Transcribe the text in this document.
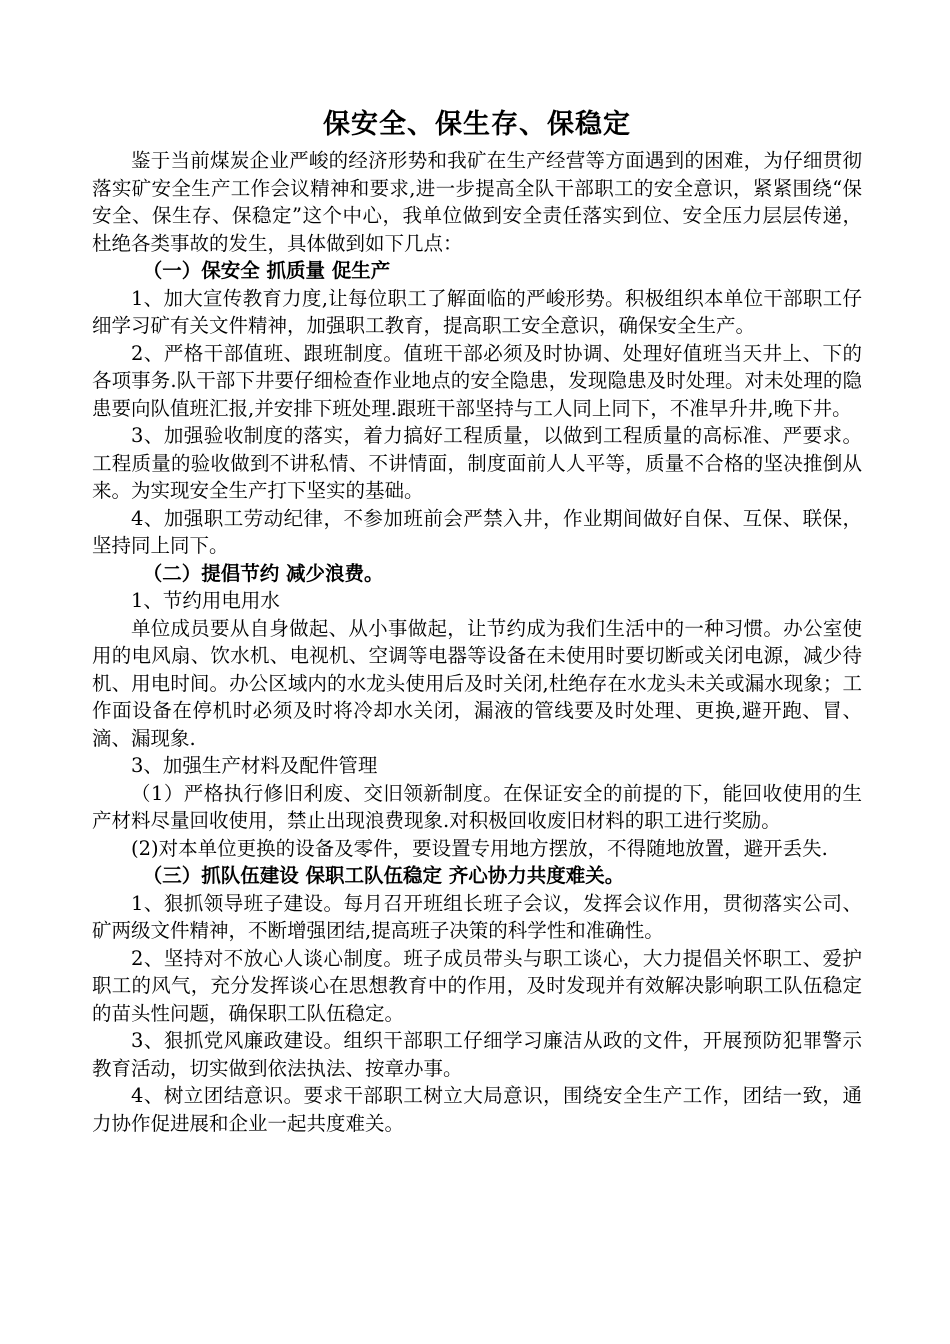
保安全、保生存、保稳定

鉴于当前煤炭企业严峻的经济形势和我矿在生产经营等方面遇到的困难，为仔细贯彻落实矿安全生产工作会议精神和要求,进一步提高全队干部职工的安全意识，紧紧围绕“保安全、保生存、保稳定”这个中心，我单位做到安全责任落实到位、安全压力层层传递，杜绝各类事故的发生，具体做到如下几点：

（一）保安全 抓质量 促生产

1、加大宣传教育力度,让每位职工了解面临的严峻形势。积极组织本单位干部职工仔细学习矿有关文件精神，加强职工教育，提高职工安全意识，确保安全生产。

2、严格干部值班、跟班制度。值班干部必须及时协调、处理好值班当天井上、下的各项事务.队干部下井要仔细检查作业地点的安全隐患，发现隐患及时处理。对未处理的隐患要向队值班汇报,并安排下班处理.跟班干部坚持与工人同上同下，不准早升井,晚下井。

3、加强验收制度的落实，着力搞好工程质量，以做到工程质量的高标准、严要求。工程质量的验收做到不讲私情、不讲情面，制度面前人人平等，质量不合格的坚决推倒从来。为实现安全生产打下坚实的基础。

4、加强职工劳动纪律，不参加班前会严禁入井，作业期间做好自保、互保、联保，坚持同上同下。

（二）提倡节约 减少浪费。

1、节约用电用水

单位成员要从自身做起、从小事做起，让节约成为我们生活中的一种习惯。办公室使用的电风扇、饮水机、电视机、空调等电器等设备在未使用时要切断或关闭电源，减少待机、用电时间。办公区域内的水龙头使用后及时关闭,杜绝存在水龙头未关或漏水现象；工作面设备在停机时必须及时将冷却水关闭，漏液的管线要及时处理、更换,避开跑、冒、滴、漏现象.

3、加强生产材料及配件管理

（1）严格执行修旧利废、交旧领新制度。在保证安全的前提的下，能回收使用的生产材料尽量回收使用，禁止出现浪费现象.对积极回收废旧材料的职工进行奖励。

(2)对本单位更换的设备及零件，要设置专用地方摆放，不得随地放置，避开丢失.

（三）抓队伍建设 保职工队伍稳定 齐心协力共度难关。

1、狠抓领导班子建设。每月召开班组长班子会议，发挥会议作用，贯彻落实公司、矿两级文件精神，不断增强团结,提高班子决策的科学性和准确性。

2、坚持对不放心人谈心制度。班子成员带头与职工谈心，大力提倡关怀职工、爱护职工的风气，充分发挥谈心在思想教育中的作用，及时发现并有效解决影响职工队伍稳定的苗头性问题，确保职工队伍稳定。

3、狠抓党风廉政建设。组织干部职工仔细学习廉洁从政的文件，开展预防犯罪警示教育活动，切实做到依法执法、按章办事。

4、树立团结意识。要求干部职工树立大局意识，围绕安全生产工作，团结一致，通力协作促进展和企业一起共度难关。
